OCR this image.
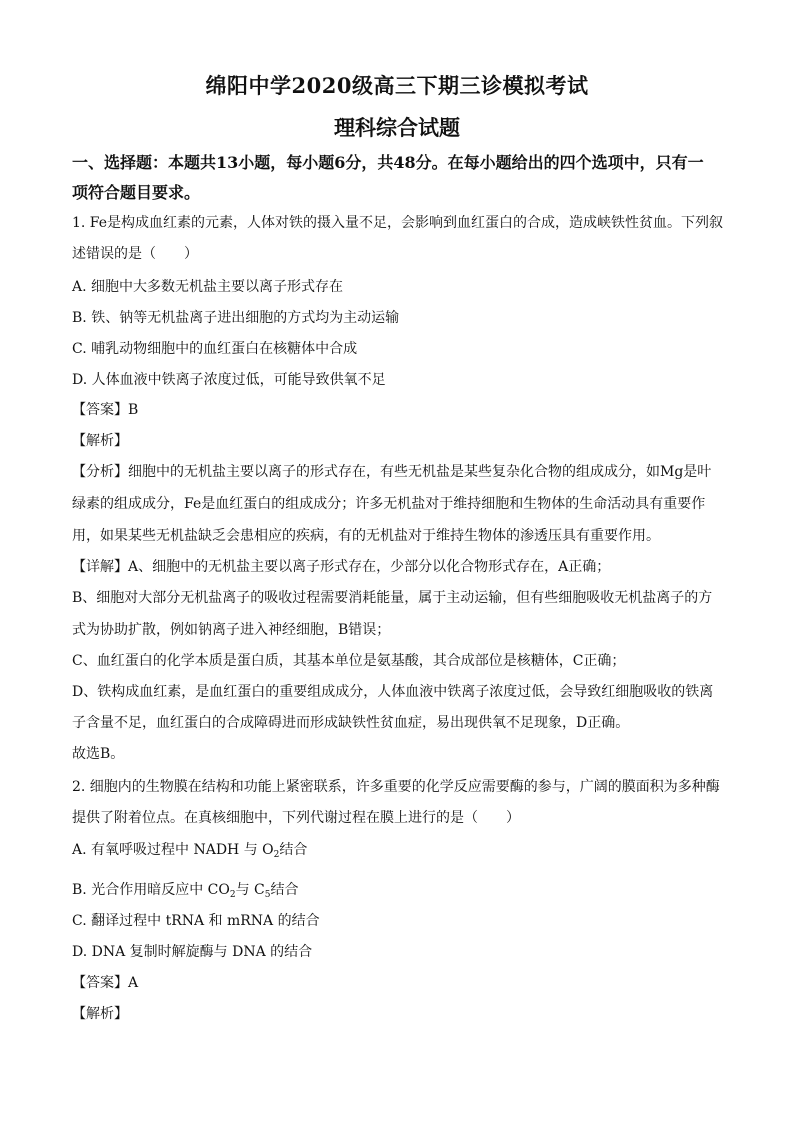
绵阳中学2020级高三下期三诊模拟考试
理科综合试题
一、选择题：本题共13小题，每小题6分，共48分。在每小题给出的四个选项中，只有一
项符合题目要求。
1. Fe是构成血红素的元素，人体对铁的摄入量不足，会影响到血红蛋白的合成，造成峡铁性贫血。下列叙
述错误的是（　　）
A. 细胞中大多数无机盐主要以离子形式存在
B. 铁、钠等无机盐离子进出细胞的方式均为主动运输
C. 哺乳动物细胞中的血红蛋白在核糖体中合成
D. 人体血液中铁离子浓度过低，可能导致供氧不足
【答案】B
【解析】
【分析】细胞中的无机盐主要以离子的形式存在，有些无机盐是某些复杂化合物的组成成分，如Mg是叶
绿素的组成成分，Fe是血红蛋白的组成成分；许多无机盐对于维持细胞和生物体的生命活动具有重要作
用，如果某些无机盐缺乏会患相应的疾病，有的无机盐对于维持生物体的渗透压具有重要作用。
【详解】A、细胞中的无机盐主要以离子形式存在，少部分以化合物形式存在，A正确；
B、细胞对大部分无机盐离子的吸收过程需要消耗能量，属于主动运输，但有些细胞吸收无机盐离子的方
式为协助扩散，例如钠离子进入神经细胞，B错误；
C、血红蛋白的化学本质是蛋白质，其基本单位是氨基酸，其合成部位是核糖体，C正确；
D、铁构成血红素，是血红蛋白的重要组成成分，人体血液中铁离子浓度过低，会导致红细胞吸收的铁离
子含量不足，血红蛋白的合成障碍进而形成缺铁性贫血症，易出现供氧不足现象，D正确。
故选B。
2. 细胞内的生物膜在结构和功能上紧密联系，许多重要的化学反应需要酶的参与，广阔的膜面积为多种酶
提供了附着位点。在真核细胞中，下列代谢过程在膜上进行的是（　　）
A. 有氧呼吸过程中 NADH 与 $O_2$结合
B. 光合作用暗反应中 $CO_2$与 $C_5$结合
C. 翻译过程中 tRNA 和 mRNA 的结合
D. DNA 复制时解旋酶与 DNA 的结合
【答案】A
【解析】
